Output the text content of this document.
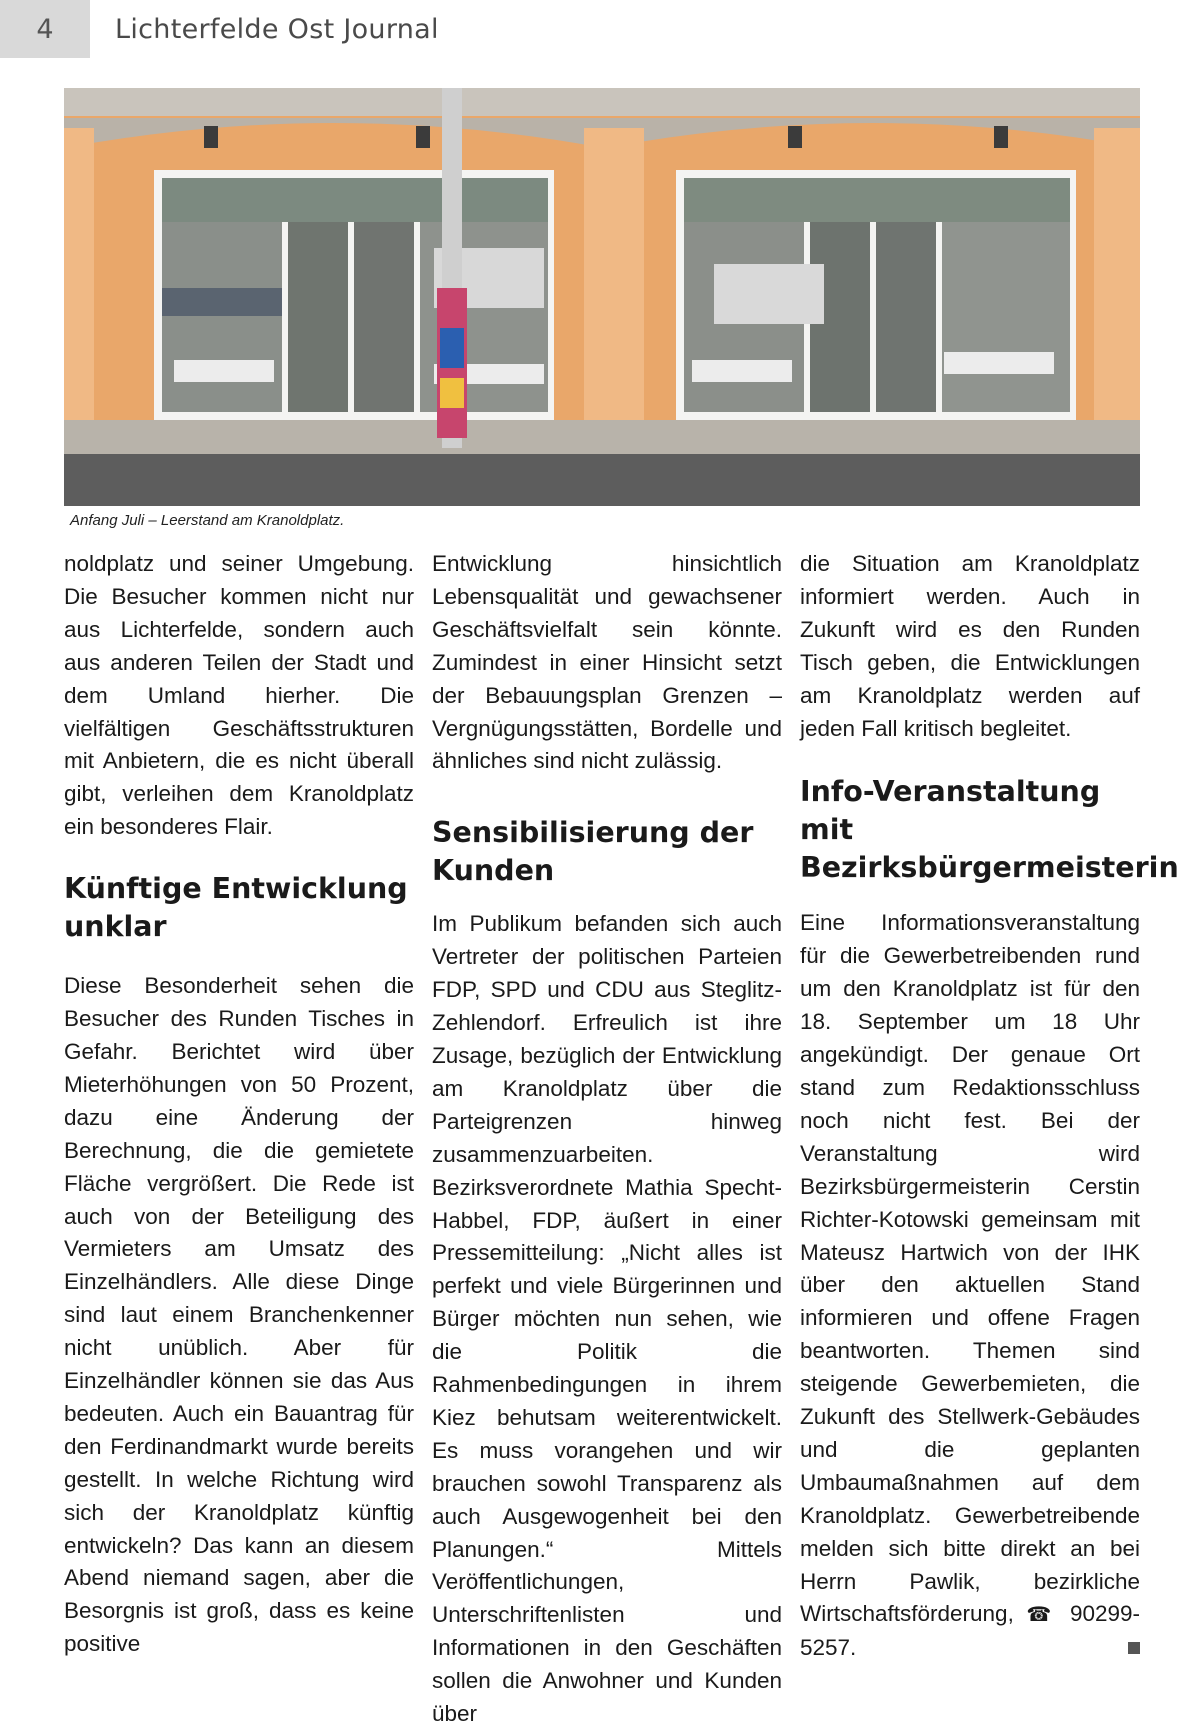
4	Lichterfelde Ost Journal
Anfang Juli – Leerstand am Kranoldplatz.

noldplatz und seiner Umgebung. Die Besucher kommen nicht nur aus Lichterfelde, sondern auch aus anderen Teilen der Stadt und dem Umland hierher. Die vielfältigen Geschäftsstrukturen mit Anbietern, die es nicht überall gibt, verleihen dem Kranoldplatz ein besonderes Flair.

Künftige Entwicklung unklar

Diese Besonderheit sehen die Besucher des Runden Tisches in Gefahr. Berichtet wird über Mieterhöhungen von 50 Prozent, dazu eine Änderung der Berechnung, die die gemietete Fläche vergrößert. Die Rede ist auch von der Beteiligung des Vermieters am Umsatz des Einzelhändlers. Alle diese Dinge sind laut einem Branchenkenner nicht unüblich. Aber für Einzelhändler können sie das Aus bedeuten. Auch ein Bauantrag für den Ferdinandmarkt wurde bereits gestellt. In welche Richtung wird sich der Kranoldplatz künftig entwickeln? Das kann an diesem Abend niemand sagen, aber die Besorgnis ist groß, dass es keine positive

Entwicklung hinsichtlich Lebensqualität und gewachsener Geschäftsvielfalt sein könnte. Zumindest in einer Hinsicht setzt der Bebauungsplan Grenzen – Vergnügungsstätten, Bordelle und ähnliches sind nicht zulässig.

Sensibilisierung der Kunden

Im Publikum befanden sich auch Vertreter der politischen Parteien FDP, SPD und CDU aus Steglitz-Zehlendorf. Erfreulich ist ihre Zusage, bezüglich der Entwicklung am Kranoldplatz über die Parteigrenzen hinweg zusammenzuarbeiten. Bezirksverordnete Mathia Specht-Habbel, FDP, äußert in einer Pressemitteilung: „Nicht alles ist perfekt und viele Bürgerinnen und Bürger möchten nun sehen, wie die Politik die Rahmenbedingungen in ihrem Kiez behutsam weiterentwickelt. Es muss vorangehen und wir brauchen sowohl Transparenz als auch Ausgewogenheit bei den Planungen.“ Mittels Veröffentlichungen, Unterschriftenlisten und Informationen in den Geschäften sollen die Anwohner und Kunden über

die Situation am Kranoldplatz informiert werden. Auch in Zukunft wird es den Runden Tisch geben, die Entwicklungen am Kranoldplatz werden auf jeden Fall kritisch begleitet.

Info-Veranstaltung mit Bezirksbürgermeisterin

Eine Informationsveranstaltung für die Gewerbetreibenden rund um den Kranoldplatz ist für den 18. September um 18 Uhr angekündigt. Der genaue Ort stand zum Redaktionsschluss noch nicht fest. Bei der Veranstaltung wird Bezirksbürgermeisterin Cerstin Richter-Kotowski gemeinsam mit Mateusz Hartwich von der IHK über den aktuellen Stand informieren und offene Fragen beantworten. Themen sind steigende Gewerbemieten, die Zukunft des Stellwerk-Gebäudes und die geplanten Umbaumaßnahmen auf dem Kranoldplatz. Gewerbetreibende melden sich bitte direkt an bei Herrn Pawlik, bezirkliche Wirtschaftsförderung, ☎ 90299-5257.
